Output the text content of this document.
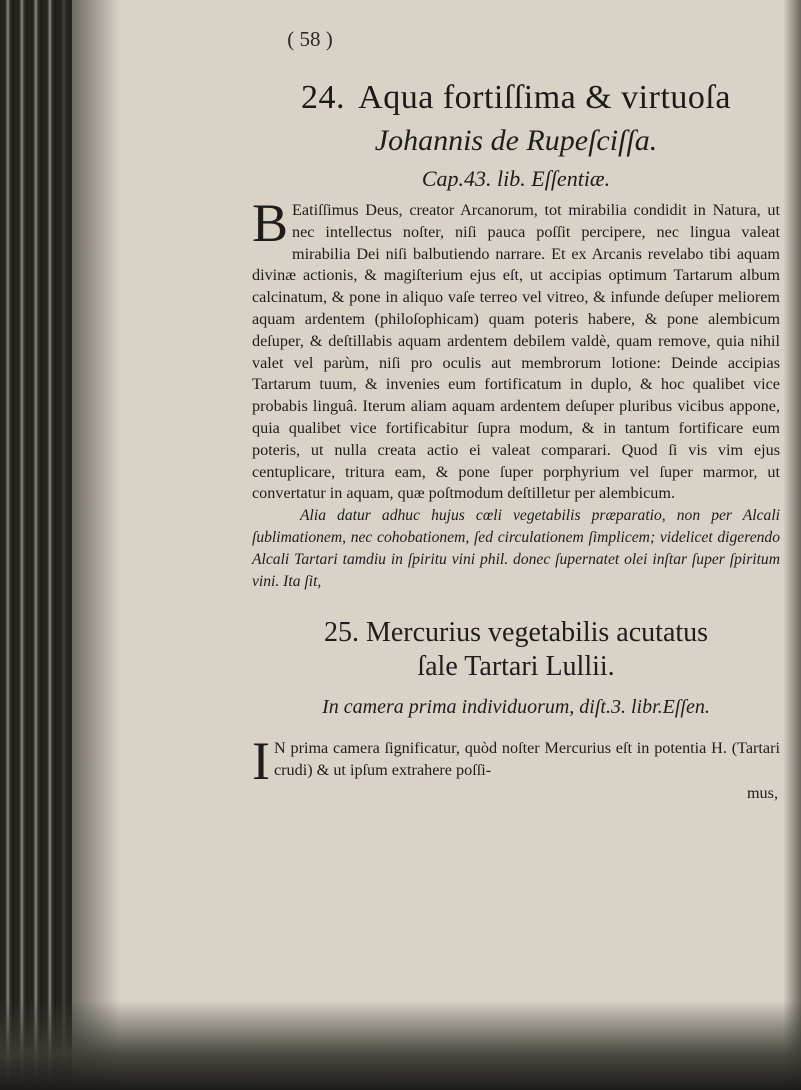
( 58 )

24. Aqua fortiſſima & virtuoſa

Johannis de Rupeſciſſa.

Cap.43. lib. Eſſentiæ.

B Eatiſſimus Deus, creator Arcanorum, tot mirabilia condidit in Natura, ut nec intellectus noſter, niſi pauca poſſit percipere, nec lingua valeat mirabilia Dei niſi balbutiendo narrare. Et ex Arcanis revelabo tibi aquam divinæ actionis, & magiſterium ejus eſt, ut accipias optimum Tartarum album calcinatum, & pone in aliquo vaſe terreo vel vitreo, & infunde deſuper meliorem aquam ardentem (philoſophicam) quam poteris habere, & pone alembicum deſuper, & deſtillabis aquam ardentem debilem valdè, quam remove, quia nihil valet vel parùm, niſi pro oculis aut membrorum lotione: Deinde accipias Tartarum tuum, & invenies eum fortificatum in duplo, & hoc qualibet vice probabis linguâ. Iterum aliam aquam ardentem deſuper pluribus vicibus appone, quia qualibet vice fortificabitur ſupra modum, & in tantum fortificare eum poteris, ut nulla creata actio ei valeat comparari. Quod ſi vis vim ejus centuplicare, tritura eam, & pone ſuper porphyrium vel ſuper marmor, ut convertatur in aquam, quæ poſtmodum deſtilletur per alembicum.

Alia datur adhuc hujus cœli vegetabilis præparatio, non per Alcali ſublimationem, nec cohobationem, ſed circulationem ſimplicem; videlicet digerendo Alcali Tartari tamdiu in ſpiritu vini phil. donec ſupernatet olei inſtar ſuper ſpiritum vini. Ita ſit,

25. Mercurius vegetabilis acutatus

ſale Tartari Lullii.

In camera prima individuorum, diſt.3. libr.Eſſen.

I N prima camera ſignificatur, quòd noſter Mercurius eſt in potentia H. (Tartari crudi) & ut ipſum extrahere poſſi-

mus,
